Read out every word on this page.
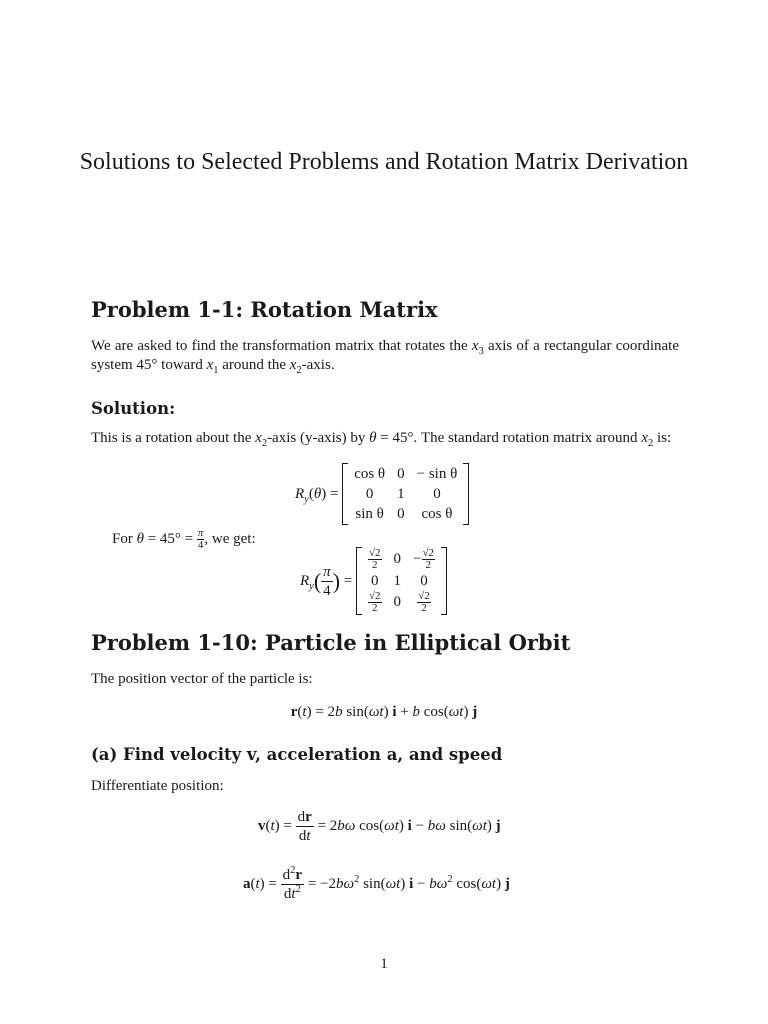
Solutions to Selected Problems and Rotation Matrix Derivation
Problem 1-1: Rotation Matrix
We are asked to find the transformation matrix that rotates the $x_3$ axis of a rectangular coordinate system 45° toward $x_1$ around the $x_2$-axis.
Solution:
This is a rotation about the $x_2$-axis (y-axis) by θ = 45°. The standard rotation matrix around $x_2$ is:
$R_y(\theta)$ =
cos θ	0	− sin θ
0	1	0
sin θ	0	cos θ
For $\theta = 45^\circ = \frac{\pi}{4}$ , we get:
$R_y( \frac{\pi}{4}$ ) =
$\frac{√2}{2}$	0	− $\frac{√2}{2}$

0	1	0

$\frac{√2}{2}$	0	$\frac{√2}{2}$
Problem 1-10: Particle in Elliptical Orbit
The position vector of the particle is:
r(t) = 2b sin(ωt) i + b cos(ωt) j
(a) Find velocity v, acceleration a, and speed
Differentiate position:
$v(t) = \frac{dr}{dt} = 2b\omega$ cos(ωt) i − bω sin(ωt) j
$a(t) = \frac{d^2r}{dt^2} = -2b\omega^2$ sin(ωt) $i - b\omega^2$ cos(ωt) j
1
